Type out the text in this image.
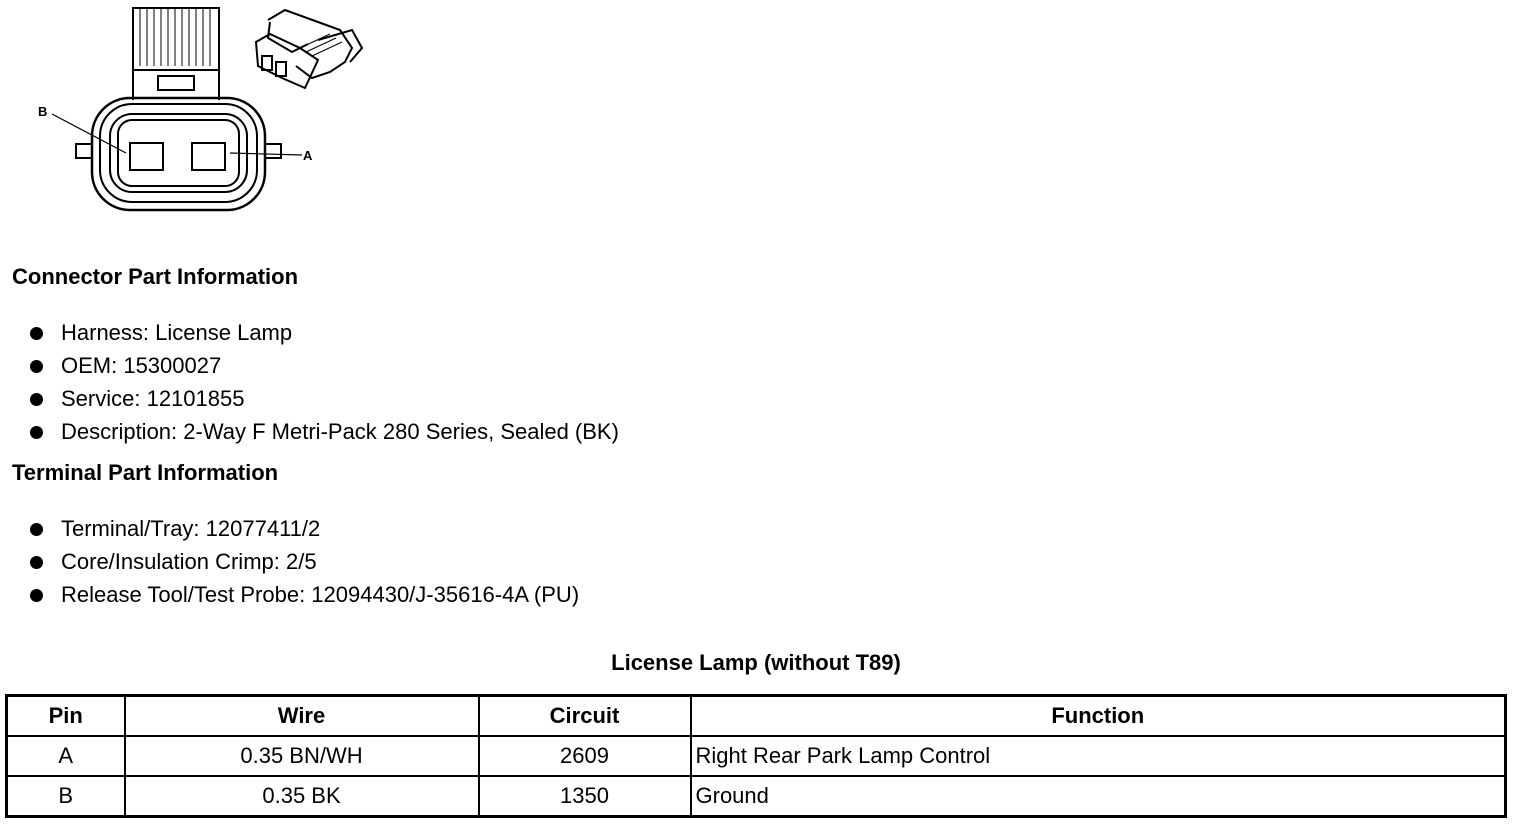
B
A
Connector Part Information
Harness: License Lamp
OEM: 15300027
Service: 12101855
Description: 2-Way F Metri-Pack 280 Series, Sealed (BK)
Terminal Part Information
Terminal/Tray: 12077411/2
Core/Insulation Crimp: 2/5
Release Tool/Test Probe: 12094430/J-35616-4A (PU)
License Lamp (without T89)
Pin	Wire	Circuit	Function
A	0.35 BN/WH	2609	Right Rear Park Lamp Control
B	0.35 BK	1350	Ground
